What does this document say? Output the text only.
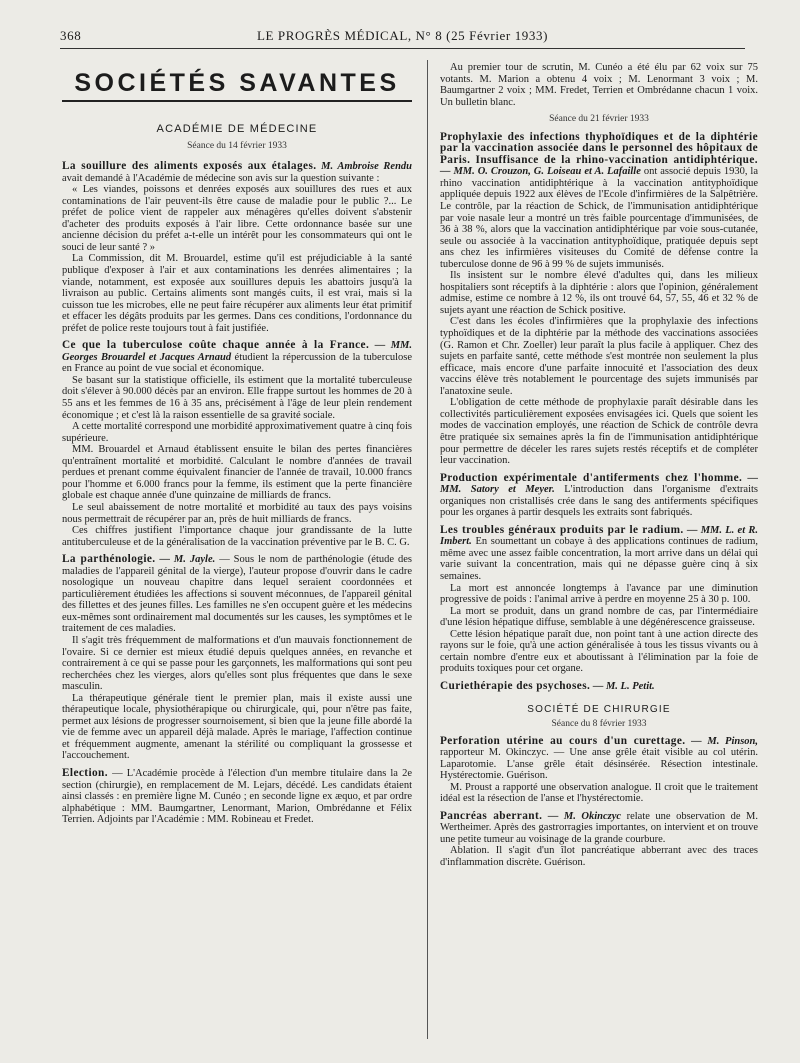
368	LE PROGRÈS MÉDICAL, N° 8 (25 Février 1933)
SOCIÉTÉS SAVANTES
ACADÉMIE DE MÉDECINE
Séance du 14 février 1933

La souillure des aliments exposés aux étalages. M. Ambroise Rendu avait demandé à l'Académie de médecine son avis sur la question suivante :

« Les viandes, poissons et denrées exposés aux souillures des rues et aux contaminations de l'air peuvent-ils être cause de maladie pour le public ?... Le préfet de police vient de rappeler aux ménagères qu'elles doivent s'abstenir d'acheter des produits exposés à l'air libre. Cette ordonnance basée sur une ancienne décision du préfet a-t-elle un intérêt pour les consommateurs qui ont le souci de leur santé ? »

La Commission, dit M. Brouardel, estime qu'il est préjudiciable à la santé publique d'exposer à l'air et aux contaminations les denrées alimentaires ; la viande, notamment, est exposée aux souillures depuis les abattoirs jusqu'à la livraison au public. Certains aliments sont mangés cuits, il est vrai, mais si la cuisson tue les microbes, elle ne peut faire récupérer aux aliments leur état primitif et effacer les dégâts produits par les germes. Dans ces conditions, l'ordonnance du préfet de police reste toujours tout à fait justifiée.

Ce que la tuberculose coûte chaque année à la France. — MM. Georges Brouardel et Jacques Arnaud étudient la répercussion de la tuberculose en France au point de vue social et économique.

Se basant sur la statistique officielle, ils estiment que la mortalité tuberculeuse doit s'élever à 90.000 décès par an environ. Elle frappe surtout les hommes de 20 à 55 ans et les femmes de 16 à 35 ans, précisément à l'âge de leur plein rendement économique ; et c'est là la raison essentielle de sa gravité sociale.

A cette mortalité correspond une morbidité approximativement quatre à cinq fois supérieure.

MM. Brouardel et Arnaud établissent ensuite le bilan des pertes financières qu'entraînent mortalité et morbidité. Calculant le nombre d'années de travail perdues et prenant comme équivalent financier de l'année de travail, 10.000 francs pour l'homme et 6.000 francs pour la femme, ils estiment que la perte financière globale est chaque année d'une quinzaine de milliards de francs.

Le seul abaissement de notre mortalité et morbidité au taux des pays voisins nous permettrait de récupérer par an, près de huit milliards de francs.

Ces chiffres justifient l'importance chaque jour grandissante de la lutte antituberculeuse et de la généralisation de la vaccination préventive par le B. C. G.

La parthénologie. — M. Jayle. — Sous le nom de parthénologie (étude des maladies de l'appareil génital de la vierge), l'auteur propose d'ouvrir dans le cadre nosologique un nouveau chapitre dans lequel seraient coordonnées et particulièrement étudiées les affections si souvent méconnues, de l'appareil génital des fillettes et des jeunes filles. Les familles ne s'en occupent guère et les médecins eux-mêmes sont ordinairement mal documentés sur les causes, les symptômes et le traitement de ces maladies.

Il s'agit très fréquemment de malformations et d'un mauvais fonctionnement de l'ovaire. Si ce dernier est mieux étudié depuis quelques années, en revanche et contrairement à ce qui se passe pour les garçonnets, les malformations qui sont peu recherchées chez les vierges, alors qu'elles sont plus fréquentes que dans le sexe masculin.

La thérapeutique générale tient le premier plan, mais il existe aussi une thérapeutique locale, physiothérapique ou chirurgicale, qui, pour n'être pas faite, permet aux lésions de progresser sournoisement, si bien que la jeune fille abordé la vie de femme avec un appareil déjà malade. Après le mariage, l'affection continue et fréquemment augmente, amenant la stérilité ou compliquant la grossesse et l'accouchement.

Election. — L'Académie procède à l'élection d'un membre titulaire dans la 2e section (chirurgie), en remplacement de M. Lejars, décédé. Les candidats étaient ainsi classés : en première ligne M. Cunéo ; en seconde ligne ex æquo, et par ordre alphabétique : MM. Baumgartner, Lenormant, Marion, Ombrédanne et Félix Terrien. Adjoints par l'Académie : MM. Robineau et Fredet.

Au premier tour de scrutin, M. Cunéo a été élu par 62 voix sur 75 votants. M. Marion a obtenu 4 voix ; M. Lenormant 3 voix ; M. Baumgartner 2 voix ; MM. Fredet, Terrien et Ombrédanne chacun 1 voix. Un bulletin blanc.

Séance du 21 février 1933

Prophylaxie des infections thyphoïdiques et de la diphtérie par la vaccination associée dans le personnel des hôpitaux de Paris. Insuffisance de la rhino-vaccination antidiphtérique. — MM. O. Crouzon, G. Loiseau et A. Lafaille ont associé depuis 1930, la rhino vaccination antidiphtérique à la vaccination antityphoïdique appliquée depuis 1922 aux élèves de l'Ecole d'infirmières de la Salpêtrière. Le contrôle, par la réaction de Schick, de l'immunisation antidiphtérique par voie nasale leur a montré un très faible pourcentage d'immunisées, de 36 à 38 %, alors que la vaccination antidiphtérique par voie sous-cutanée, seule ou associée à la vaccination antityphoïdique, pratiquée depuis sept ans chez les infirmières visiteuses du Comité de défense contre la tuberculose donne de 96 à 99 % de sujets immunisés.

Ils insistent sur le nombre élevé d'adultes qui, dans les milieux hospitaliers sont réceptifs à la diphtérie : alors que l'opinion, généralement admise, estime ce nombre à 12 %, ils ont trouvé 64, 57, 55, 46 et 32 % de sujets ayant une réaction de Schick positive.

C'est dans les écoles d'infirmières que la prophylaxie des infections typhoïdiques et de la diphtérie par la méthode des vaccinations associées (G. Ramon et Chr. Zoeller) leur paraît la plus facile à appliquer. Chez des sujets en parfaite santé, cette méthode s'est montrée non seulement la plus efficace, mais encore d'une parfaite innocuité et l'association des deux vaccins élève très notablement le pourcentage des sujets immunisés par l'anatoxine seule.

L'obligation de cette méthode de prophylaxie paraît désirable dans les collectivités particulièrement exposées envisagées ici. Quels que soient les modes de vaccination employés, une réaction de Schick de contrôle devra être pratiquée six semaines après la fin de l'immunisation antidiphtérique pour permettre de déceler les rares sujets restés réceptifs et de compléter leur vaccination.

Production expérimentale d'antiferments chez l'homme. — MM. Satory et Meyer. L'introduction dans l'organisme d'extraits organiques non cristallisés crée dans le sang des antiferments spécifiques pour les organes à partir desquels les extraits sont fabriqués.

Les troubles généraux produits par le radium. — MM. L. et R. Imbert. En soumettant un cobaye à des applications continues de radium, même avec une assez faible concentration, la mort arrive dans un délai qui varie suivant la concentration, mais qui ne dépasse guère cinq à six semaines.

La mort est annoncée longtemps à l'avance par une diminution progressive de poids : l'animal arrive à perdre en moyenne 25 à 30 p. 100.

La mort se produit, dans un grand nombre de cas, par l'intermédiaire d'une lésion hépatique diffuse, semblable à une dégénérescence graisseuse.

Cette lésion hépatique paraît due, non point tant à une action directe des rayons sur le foie, qu'à une action généralisée à tous les tissus vivants ou à certain nombre d'entre eux et aboutissant à l'élimination par la foie de produits toxiques pour cet organe.

Curiethérapie des psychoses. — M. L. Petit.

SOCIÉTÉ DE CHIRURGIE
Séance du 8 février 1933

Perforation utérine au cours d'un curettage. — M. Pinson, rapporteur M. Okinczyc. — Une anse grêle était visible au col utérin. Laparotomie. L'anse grêle était désinsérée. Résection intestinale. Hystérectomie. Guérison.

M. Proust a rapporté une observation analogue. Il croit que le traitement idéal est la résection de l'anse et l'hystérectomie.

Pancréas aberrant. — M. Okinczyc relate une observation de M. Wertheimer. Après des gastrorragies importantes, on intervient et on trouve une petite tumeur au voisinage de la grande courbure.

Ablation. Il s'agit d'un îlot pancréatique abberrant avec des traces d'inflammation discrète. Guérison.
